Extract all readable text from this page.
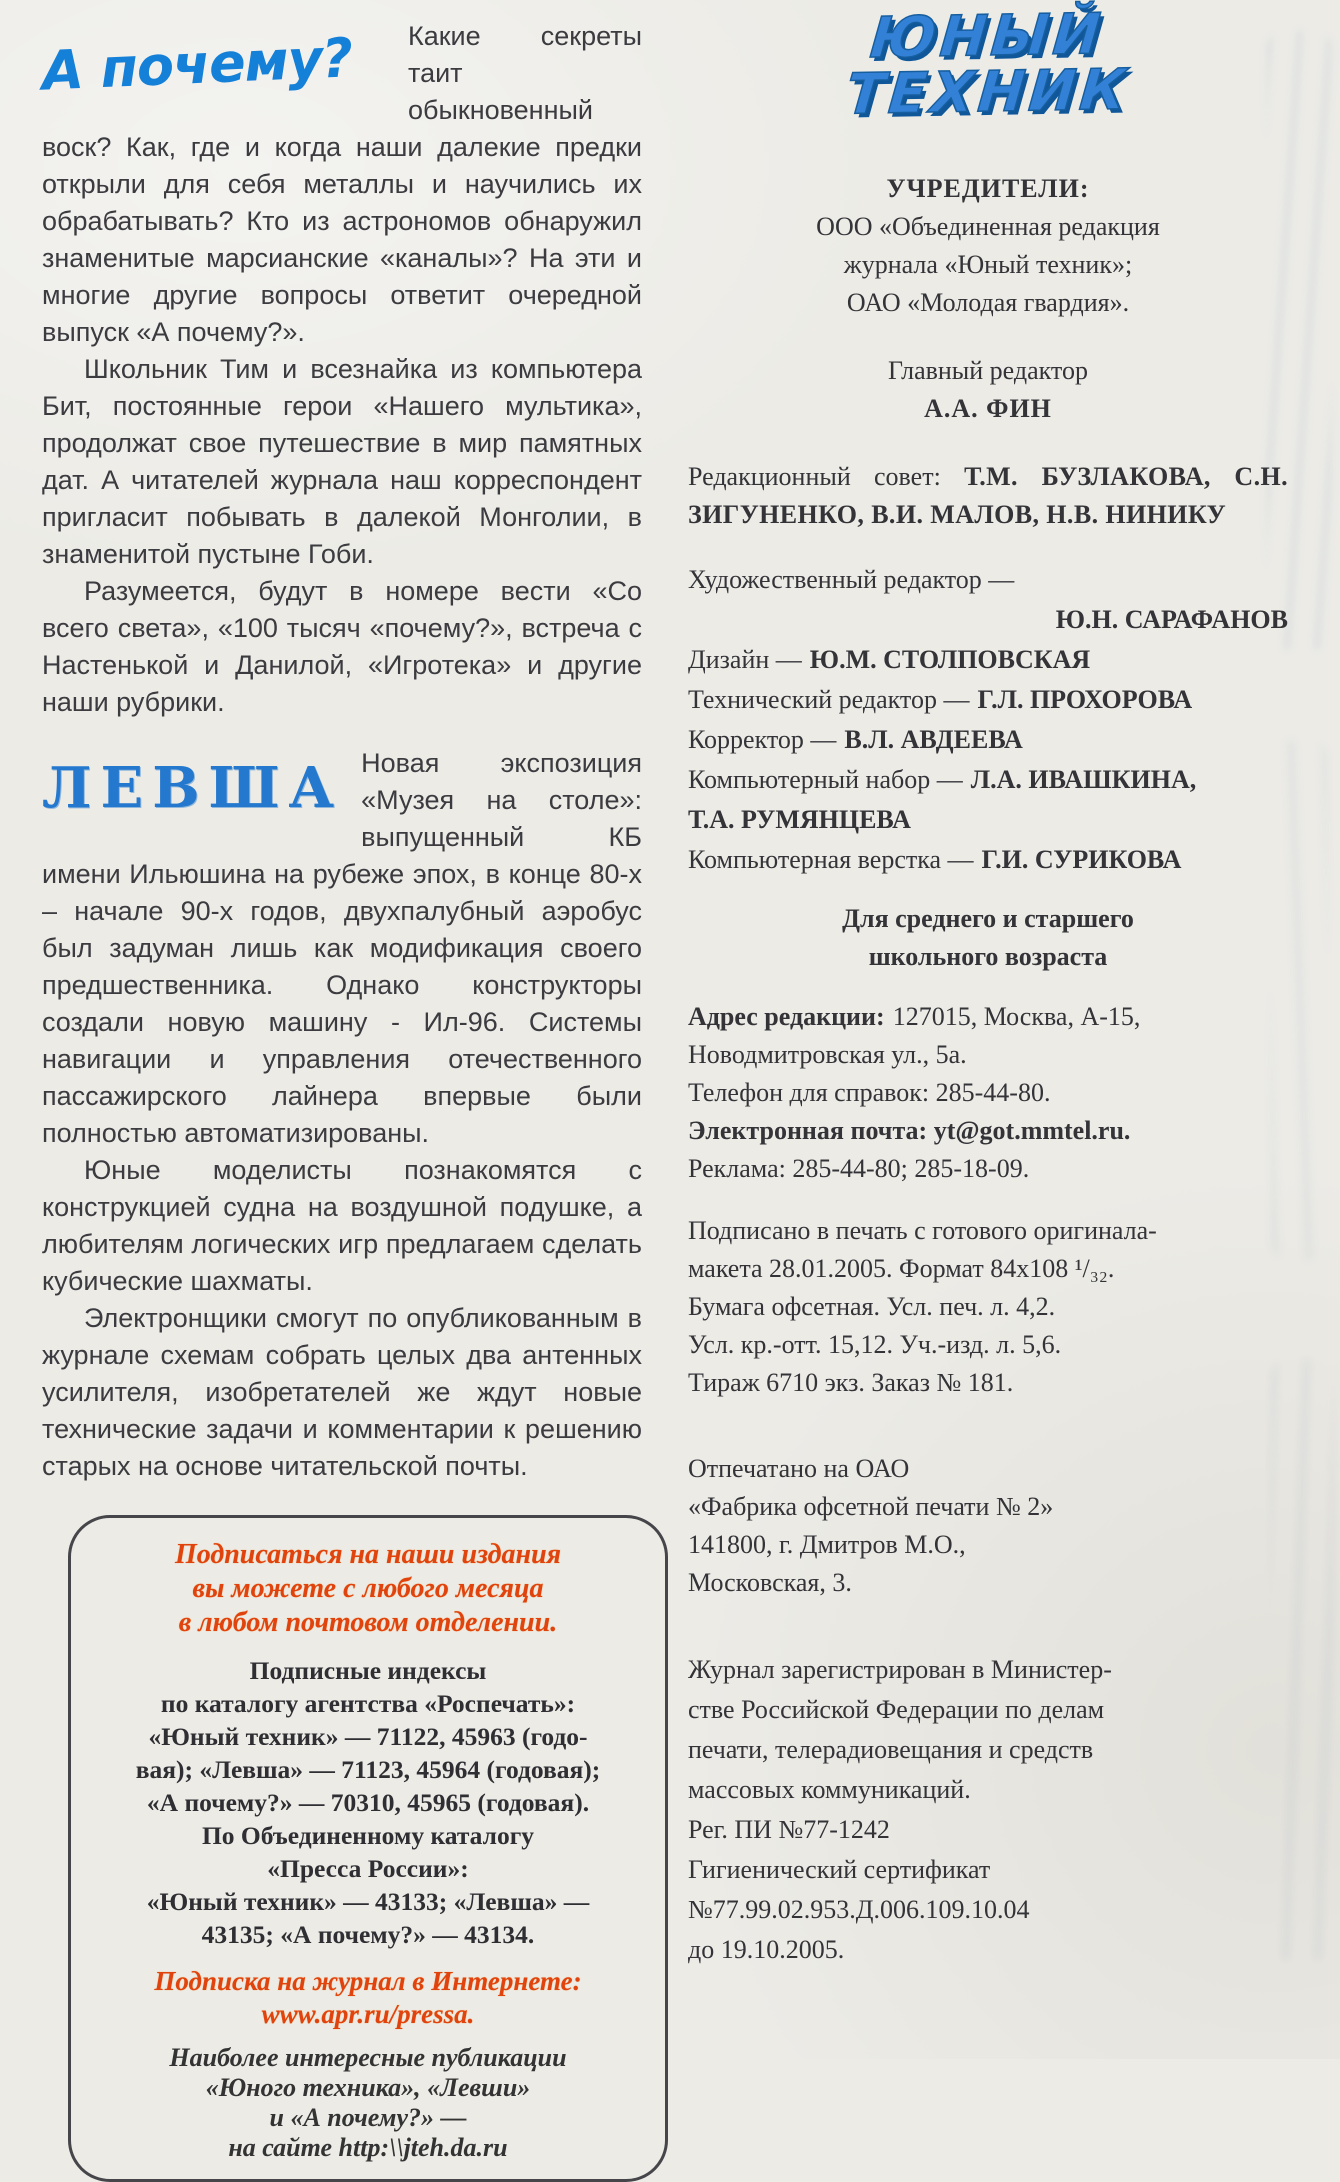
А почему?	Какие секреты таит обыкновенный воск? Как, где и когда наши далекие предки открыли для себя металлы и научились их обрабатывать? Кто из астрономов обнаружил знаменитые марсианские «каналы»? На эти и многие другие вопросы ответит очередной выпуск «А почему?».

Школьник Тим и всезнайка из компьютера Бит, постоянные герои «Нашего мультика», продолжат свое путешествие в мир памятных дат. А читателей журнала наш корреспондент пригласит побывать в далекой Монголии, в знаменитой пустыне Гоби.

Разумеется, будут в номере вести «Со всего света», «100 тысяч «почему?», встреча с Настенькой и Данилой, «Игротека» и другие наши рубрики.

ЛЕВША Новая экспозиция «Музея на столе»: выпущенный КБ имени Ильюшина на рубеже эпох, в конце 80-х – начале 90-х годов, двухпалубный аэробус был задуман лишь как модификация своего предшественника. Однако конструкторы создали новую машину - Ил-96. Системы навигации и управления отечественного пассажирского лайнера впервые были полностью автоматизированы.

Юные моделисты познакомятся с конструкцией судна на воздушной подушке, а любителям логических игр предлагаем сделать кубические шахматы.

Электронщики смогут по опубликованным в журнале схемам собрать целых два антенных усилителя, изобретателей же ждут новые технические задачи и комментарии к решению старых на основе читательской почты.

Подписаться на наши издания
вы можете с любого месяца
в любом почтовом отделении.
Подписные индексы
по каталогу агентства «Роспечать»:
«Юный техник» — 71122, 45963 (годо-
вая); «Левша» — 71123, 45964 (годовая);
«А почему?» — 70310, 45965 (годовая).
По Объединенному каталогу
«Пресса России»:
«Юный техник» — 43133; «Левша» —
43135; «А почему?» — 43134.
Подписка на журнал в Интернете:
www.apr.ru/pressa.
Наиболее интересные публикации
«Юного техника», «Левши»
и «А почему?» —
на сайте http:\\jteh.da.ru
ЮНЫЙ
ТЕХНИК
УЧРЕДИТЕЛИ:
ООО «Объединенная редакция
журнала «Юный техник»;
ОАО «Молодая гвардия».
Главный редактор
А.А. ФИН

Редакционный совет: Т.М. БУЗЛАКОВА, С.Н. ЗИГУНЕНКО, В.И. МАЛОВ, Н.В. НИНИКУ

Художественный редактор —
Ю.Н. САРАФАНОВ
Дизайн — Ю.М. СТОЛПОВСКАЯ
Технический редактор — Г.Л. ПРОХОРОВА
Корректор — В.Л. АВДЕЕВА
Компьютерный набор — Л.А. ИВАШКИНА,
Т.А. РУМЯНЦЕВА
Компьютерная верстка — Г.И. СУРИКОВА
Для среднего и старшего
школьного возраста
Адрес редакции: 127015, Москва, А-15,
Новодмитровская ул., 5а.
Телефон для справок: 285-44-80.
Электронная почта: yt@got.mmtel.ru.
Реклама: 285-44-80; 285-18-09.
Подписано в печать с готового оригинала-
макета 28.01.2005. Формат 84х108 ¹/₃₂.
Бумага офсетная. Усл. печ. л. 4,2.
Усл. кр.-отт. 15,12. Уч.-изд. л. 5,6.
Тираж 6710 экз. Заказ № 181.
Отпечатано на ОАО
«Фабрика офсетной печати № 2»
141800, г. Дмитров М.О.,
Московская, 3.
Журнал зарегистрирован в Министер-
стве Российской Федерации по делам
печати, телерадиовещания и средств
массовых коммуникаций.
Рег. ПИ №77-1242
Гигиенический сертификат
№77.99.02.953.Д.006.109.10.04
до 19.10.2005.
